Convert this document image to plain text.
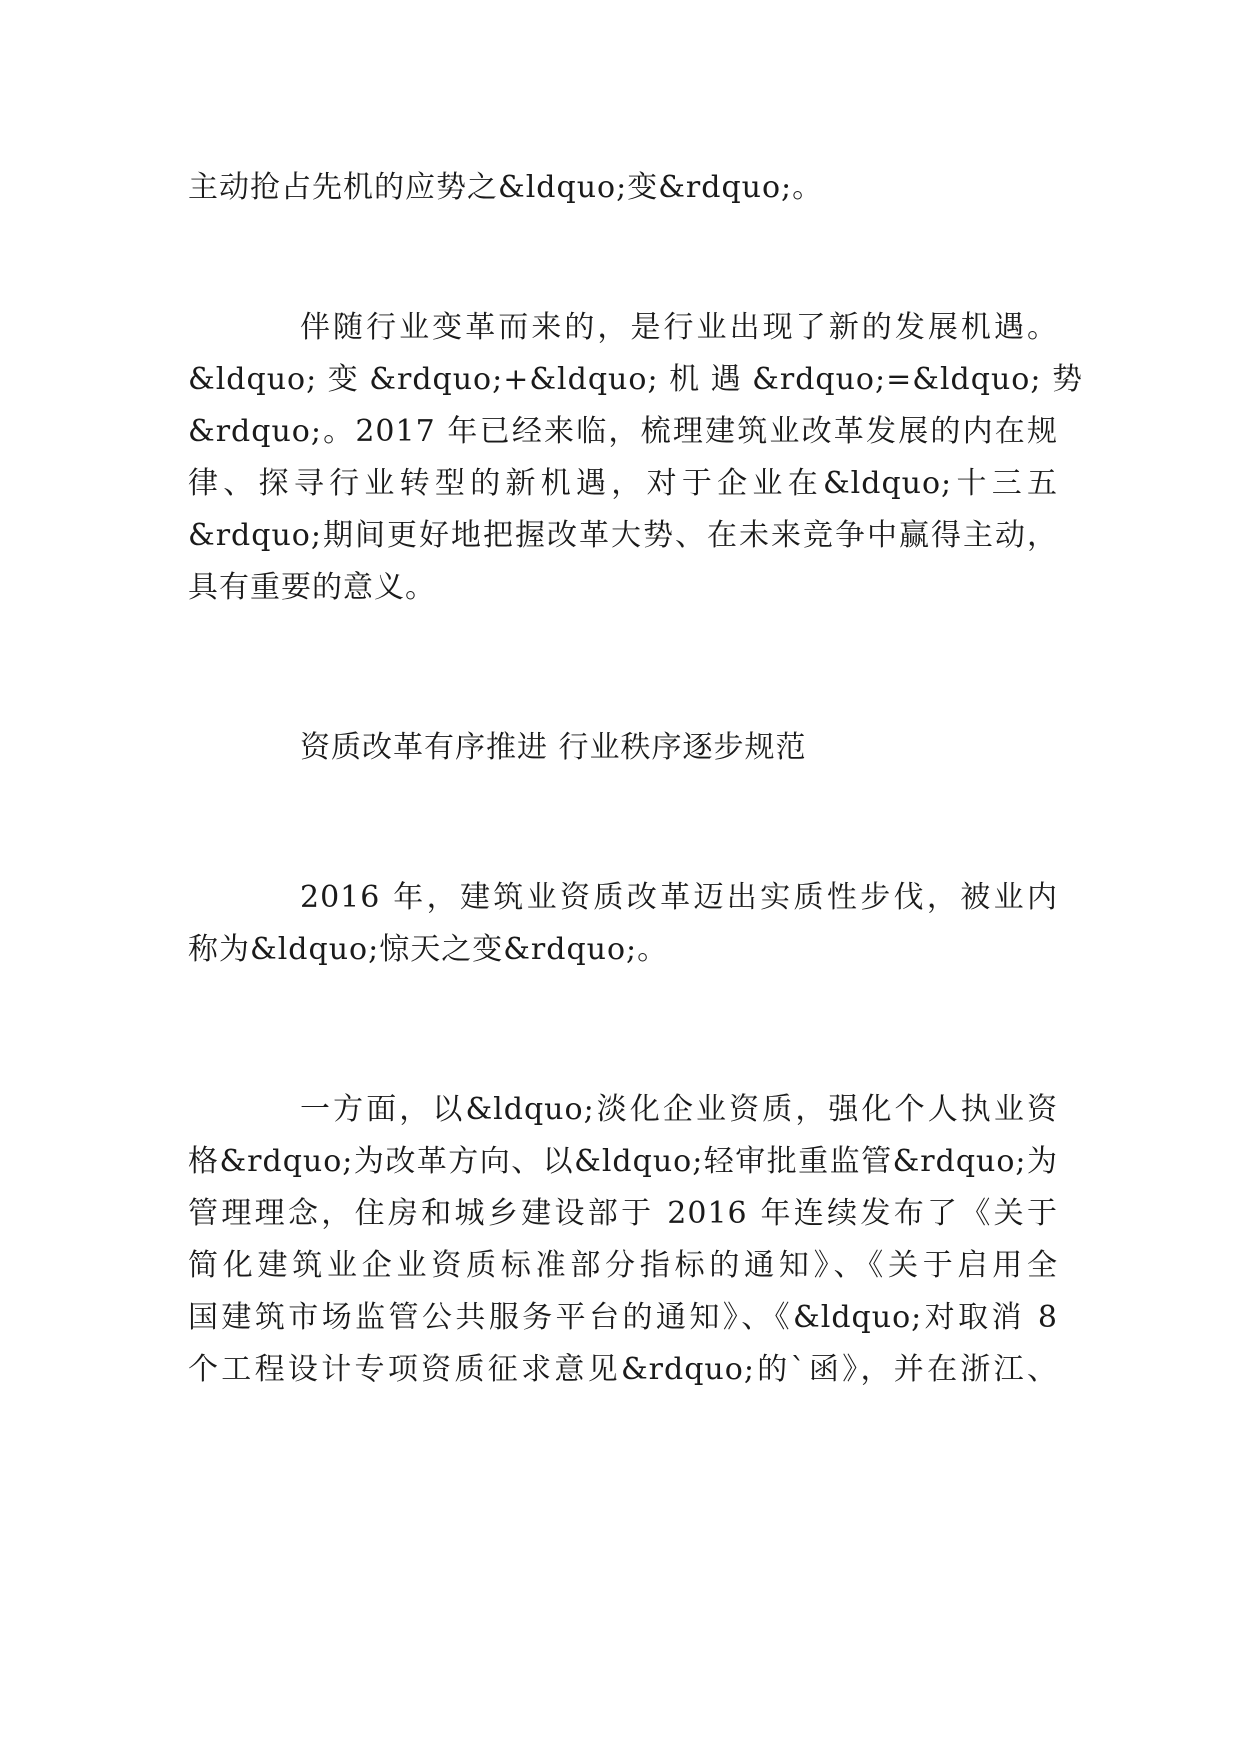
主动抢占先机的应势之&ldquo;变&rdquo;。
伴随行业变革而来的，是行业出现了新的发展机遇。
&ldquo; 变 &rdquo;+&ldquo; 机 遇 &rdquo;=&ldquo; 势
&rdquo;。2017 年已经来临，梳理建筑业改革发展的内在规
律、探寻行业转型的新机遇，对于企业在&ldquo;十三五
&rdquo;期间更好地把握改革大势、在未来竞争中赢得主动，
具有重要的意义。
资质改革有序推进 行业秩序逐步规范
2016 年，建筑业资质改革迈出实质性步伐，被业内
称为&ldquo;惊天之变&rdquo;。
一方面，以&ldquo;淡化企业资质，强化个人执业资
格&rdquo;为改革方向、以&ldquo;轻审批重监管&rdquo;为
管理理念，住房和城乡建设部于 2016 年连续发布了《关于
简化建筑业企业资质标准部分指标的通知》、《关于启用全
国建筑市场监管公共服务平台的通知》、《&ldquo;对取消 8
个工程设计专项资质征求意见&rdquo;的`函》，并在浙江、
